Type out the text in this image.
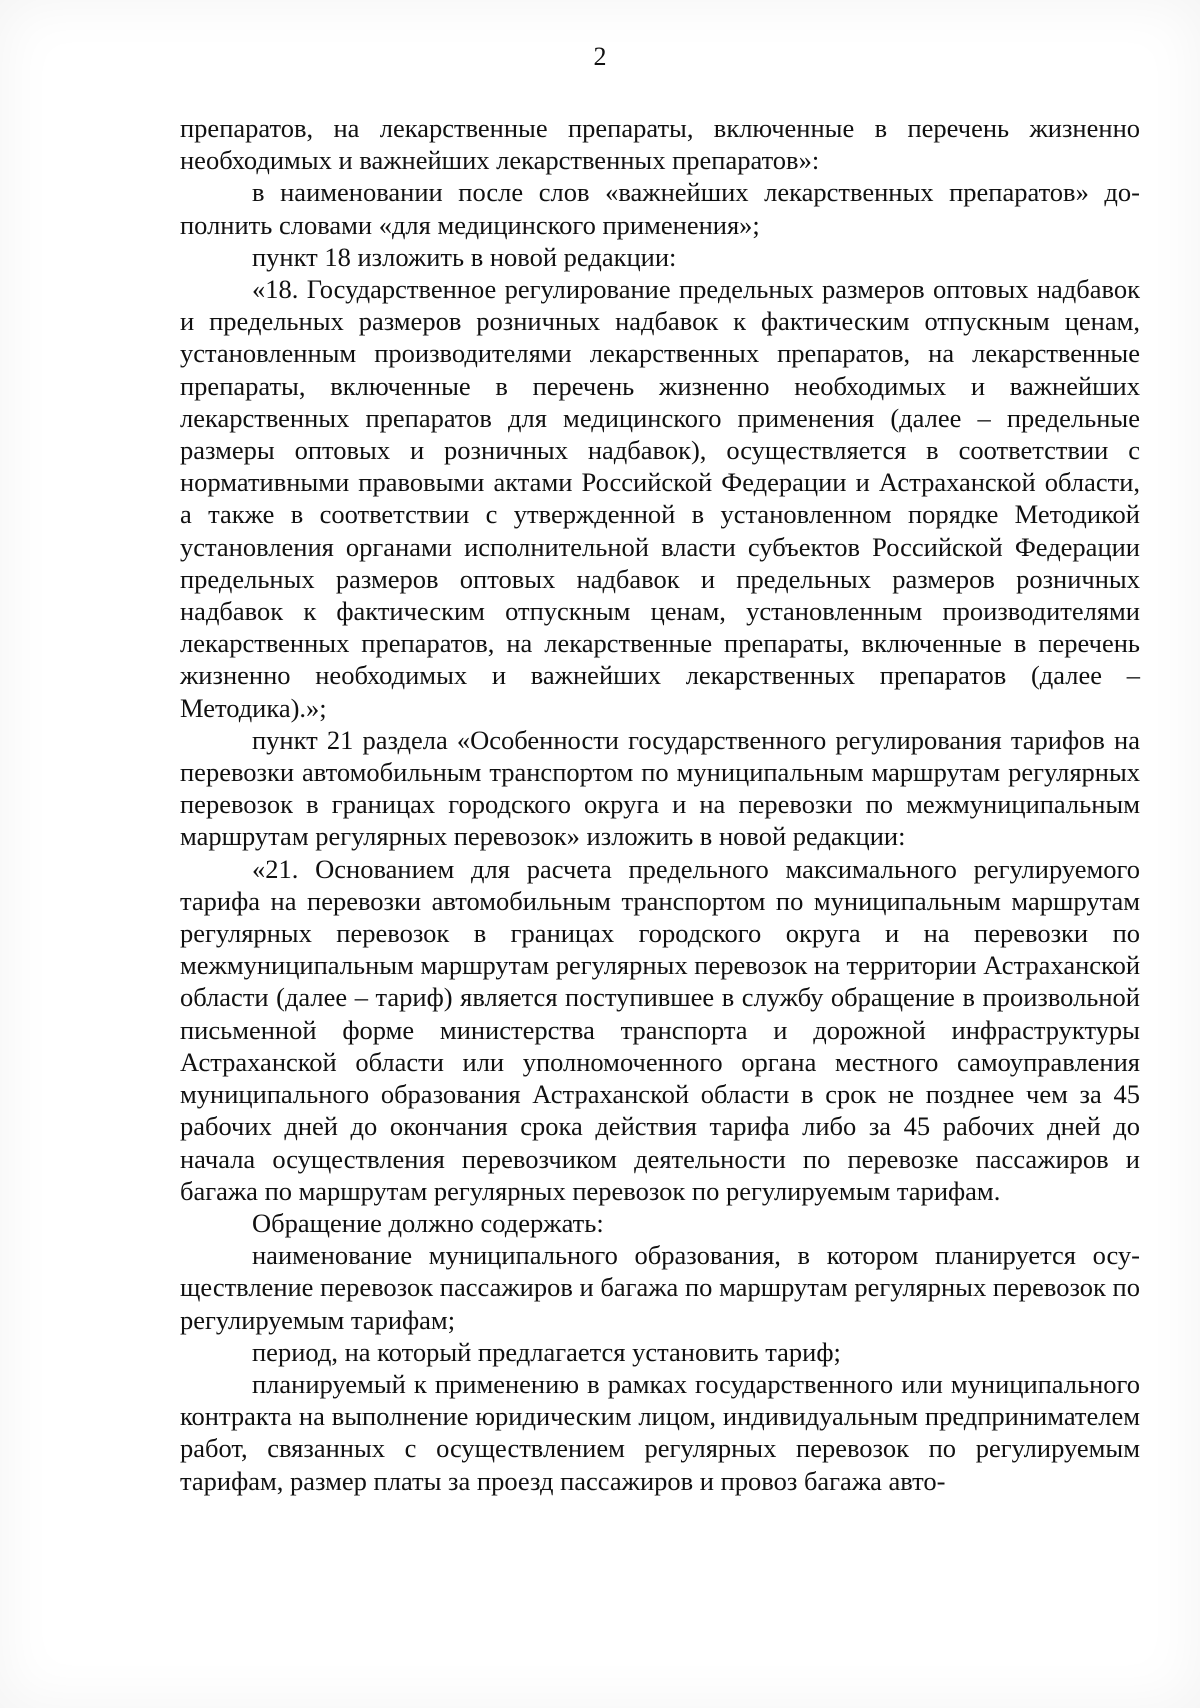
2

препаратов, на лекарственные препараты, включенные в перечень жизненно необходимых и важнейших лекарственных препаратов»:

в наименовании после слов «важнейших лекарственных препаратов» дополнить словами «для медицинского применения»;

пункт 18 изложить в новой редакции:

«18. Государственное регулирование предельных размеров оптовых надбавок и предельных размеров розничных надбавок к фактическим отпускным ценам, установленным производителями лекарственных препаратов, на лекарственные препараты, включенные в перечень жизненно необходимых и важнейших лекарственных препаратов для медицинского применения (далее – предельные размеры оптовых и розничных надбавок), осуществляется в соответствии с нормативными правовыми актами Российской Федерации и Астраханской области, а также в соответствии с утвержденной в установленном порядке Методикой установления органами исполнительной власти субъектов Российской Федерации предельных размеров оптовых надбавок и предельных размеров розничных надбавок к фактическим отпускным ценам, установленным производителями лекарственных препаратов, на лекарственные препараты, включенные в перечень жизненно необходимых и важнейших лекарственных препаратов (далее – Методика).»;

пункт 21 раздела «Особенности государственного регулирования тарифов на перевозки автомобильным транспортом по муниципальным маршрутам регулярных перевозок в границах городского округа и на перевозки по межмуниципальным маршрутам регулярных перевозок» изложить в новой редакции:

«21. Основанием для расчета предельного максимального регулируемого тарифа на перевозки автомобильным транспортом по муниципальным маршрутам регулярных перевозок в границах городского округа и на перевозки по межмуниципальным маршрутам регулярных перевозок на территории Астраханской области (далее – тариф) является поступившее в службу обращение в произвольной письменной форме министерства транспорта и дорожной инфраструктуры Астраханской области или уполномоченного органа местного самоуправления муниципального образования Астраханской области в срок не позднее чем за 45 рабочих дней до окончания срока действия тарифа либо за 45 рабочих дней до начала осуществления перевозчиком деятельности по перевозке пассажиров и багажа по маршрутам регулярных перевозок по регулируемым тарифам.

Обращение должно содержать:

наименование муниципального образования, в котором планируется осуществление перевозок пассажиров и багажа по маршрутам регулярных перевозок по регулируемым тарифам;

период, на который предлагается установить тариф;

планируемый к применению в рамках государственного или муниципального контракта на выполнение юридическим лицом, индивидуальным предпринимателем работ, связанных с осуществлением регулярных перевозок по регулируемым тарифам, размер платы за проезд пассажиров и провоз багажа авто-
